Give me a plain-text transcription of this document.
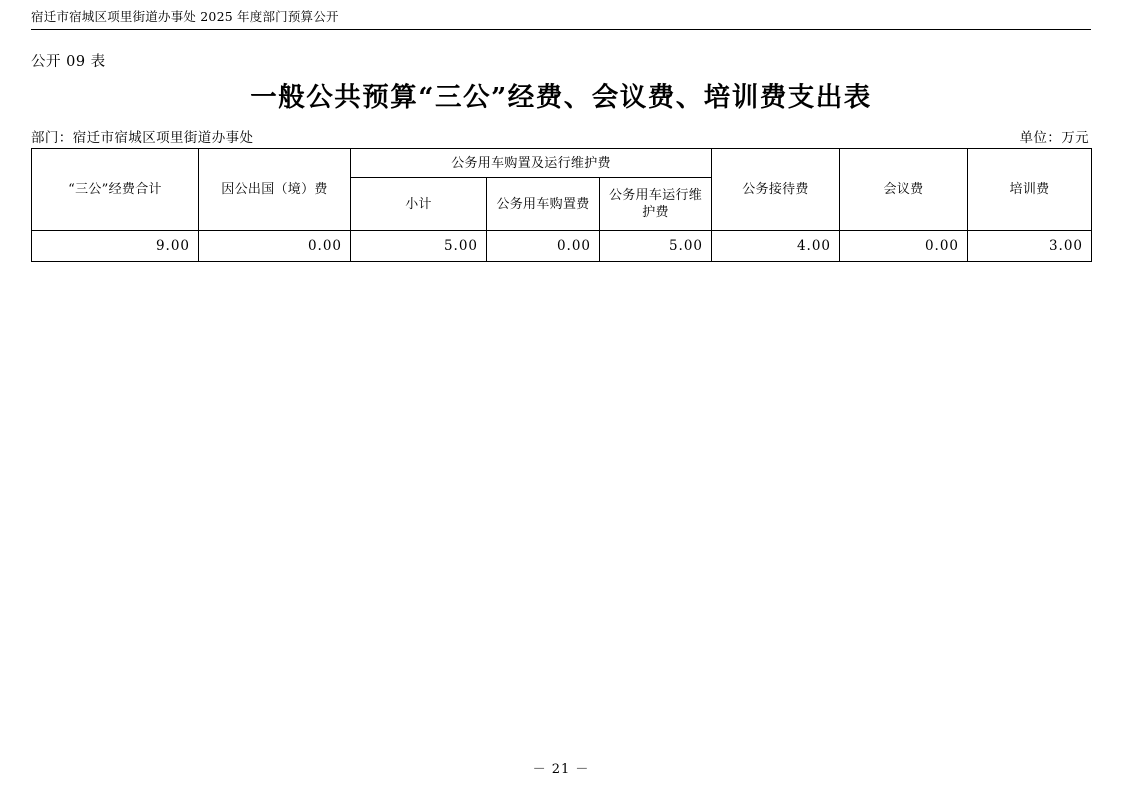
宿迁市宿城区项里街道办事处 2025 年度部门预算公开
公开 09 表
一般公共预算“三公”经费、会议费、培训费支出表
部门：宿迁市宿城区项里街道办事处	单位：万元
“三公”经费合计	因公出国（境）费	公务用车购置及运行维护费			公务接待费	会议费	培训费
		小计	公务用车购置费	公务用车运行维护费			
9.00	0.00	5.00	0.00	5.00	4.00	0.00	3.00
－ 21 －
